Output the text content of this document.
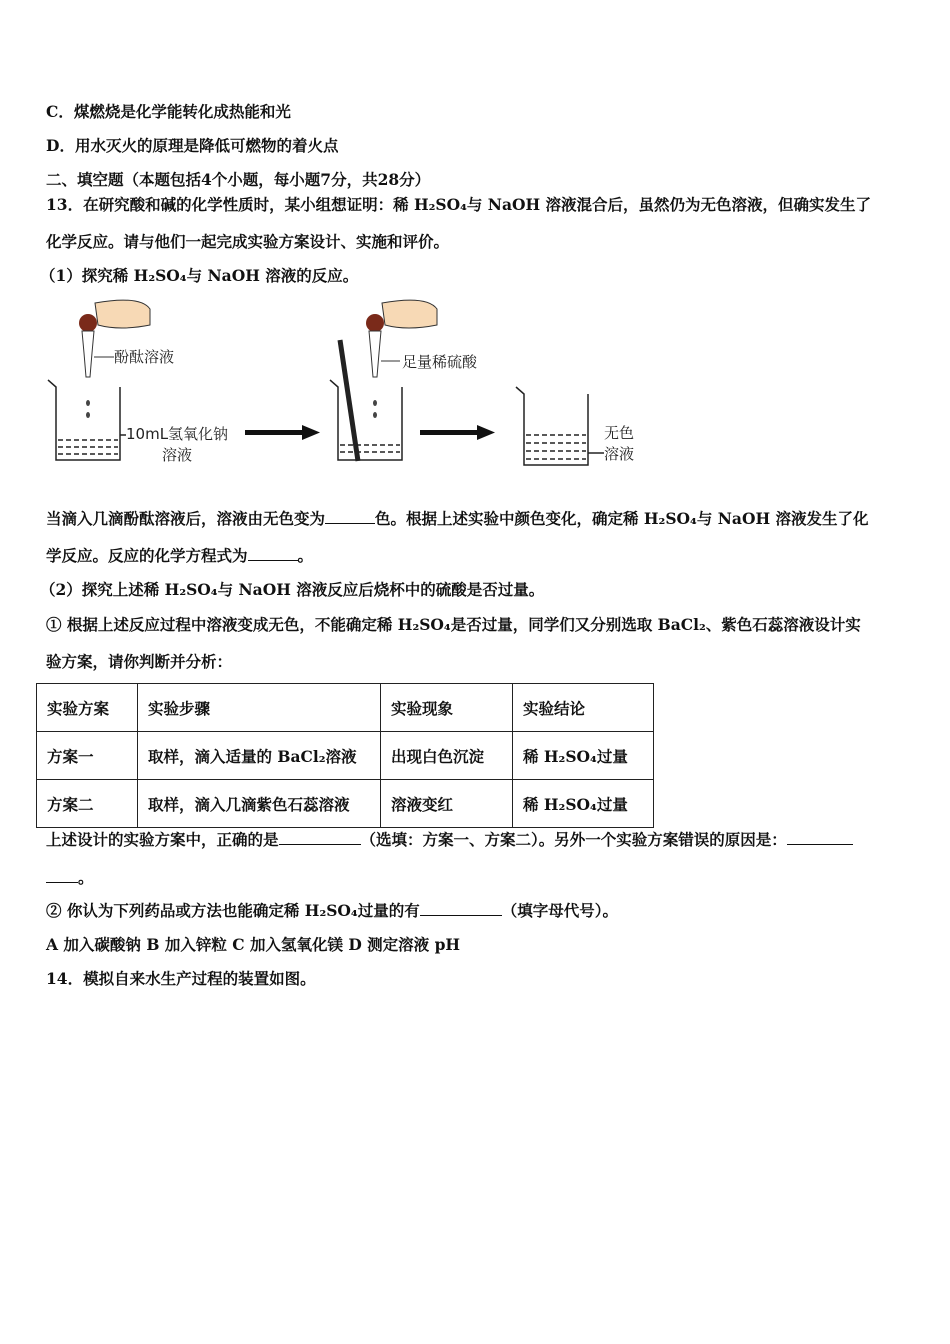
C．煤燃烧是化学能转化成热能和光
D．用水灭火的原理是降低可燃物的着火点
二、填空题（本题包括4个小题，每小题7分，共28分）
13．在研究酸和碱的化学性质时，某小组想证明：稀 H₂SO₄与 NaOH 溶液混合后，虽然仍为无色溶液，但确实发生了
化学反应。请与他们一起完成实验方案设计、实施和评价。
（1）探究稀 H₂SO₄与 NaOH 溶液的反应。
酚酞溶液
10mL氢氧化钠
溶液
足量稀硫酸
无色
溶液
当滴入几滴酚酞溶液后，溶液由无色变为	色。根据上述实验中颜色变化，确定稀 H₂SO₄与 NaOH 溶液发生了化
学反应。反应的化学方程式为	。
（2）探究上述稀 H₂SO₄与 NaOH 溶液反应后烧杯中的硫酸是否过量。
① 根据上述反应过程中溶液变成无色，不能确定稀 H₂SO₄是否过量，同学们又分别选取 BaCl₂、紫色石蕊溶液设计实
验方案，请你判断并分析：
实验方案	实验步骤	实验现象	实验结论
方案一	取样，滴入适量的 BaCl₂溶液	出现白色沉淀	稀 H₂SO₄过量
方案二	取样，滴入几滴紫色石蕊溶液	溶液变红	稀 H₂SO₄过量
上述设计的实验方案中，正确的是	（选填：方案一、方案二）。另外一个实验方案错误的原因是：
。
② 你认为下列药品或方法也能确定稀 H₂SO₄过量的有	（填字母代号）。
A 加入碳酸钠 B 加入锌粒 C 加入氢氧化镁 D 测定溶液 pH
14．模拟自来水生产过程的装置如图。
